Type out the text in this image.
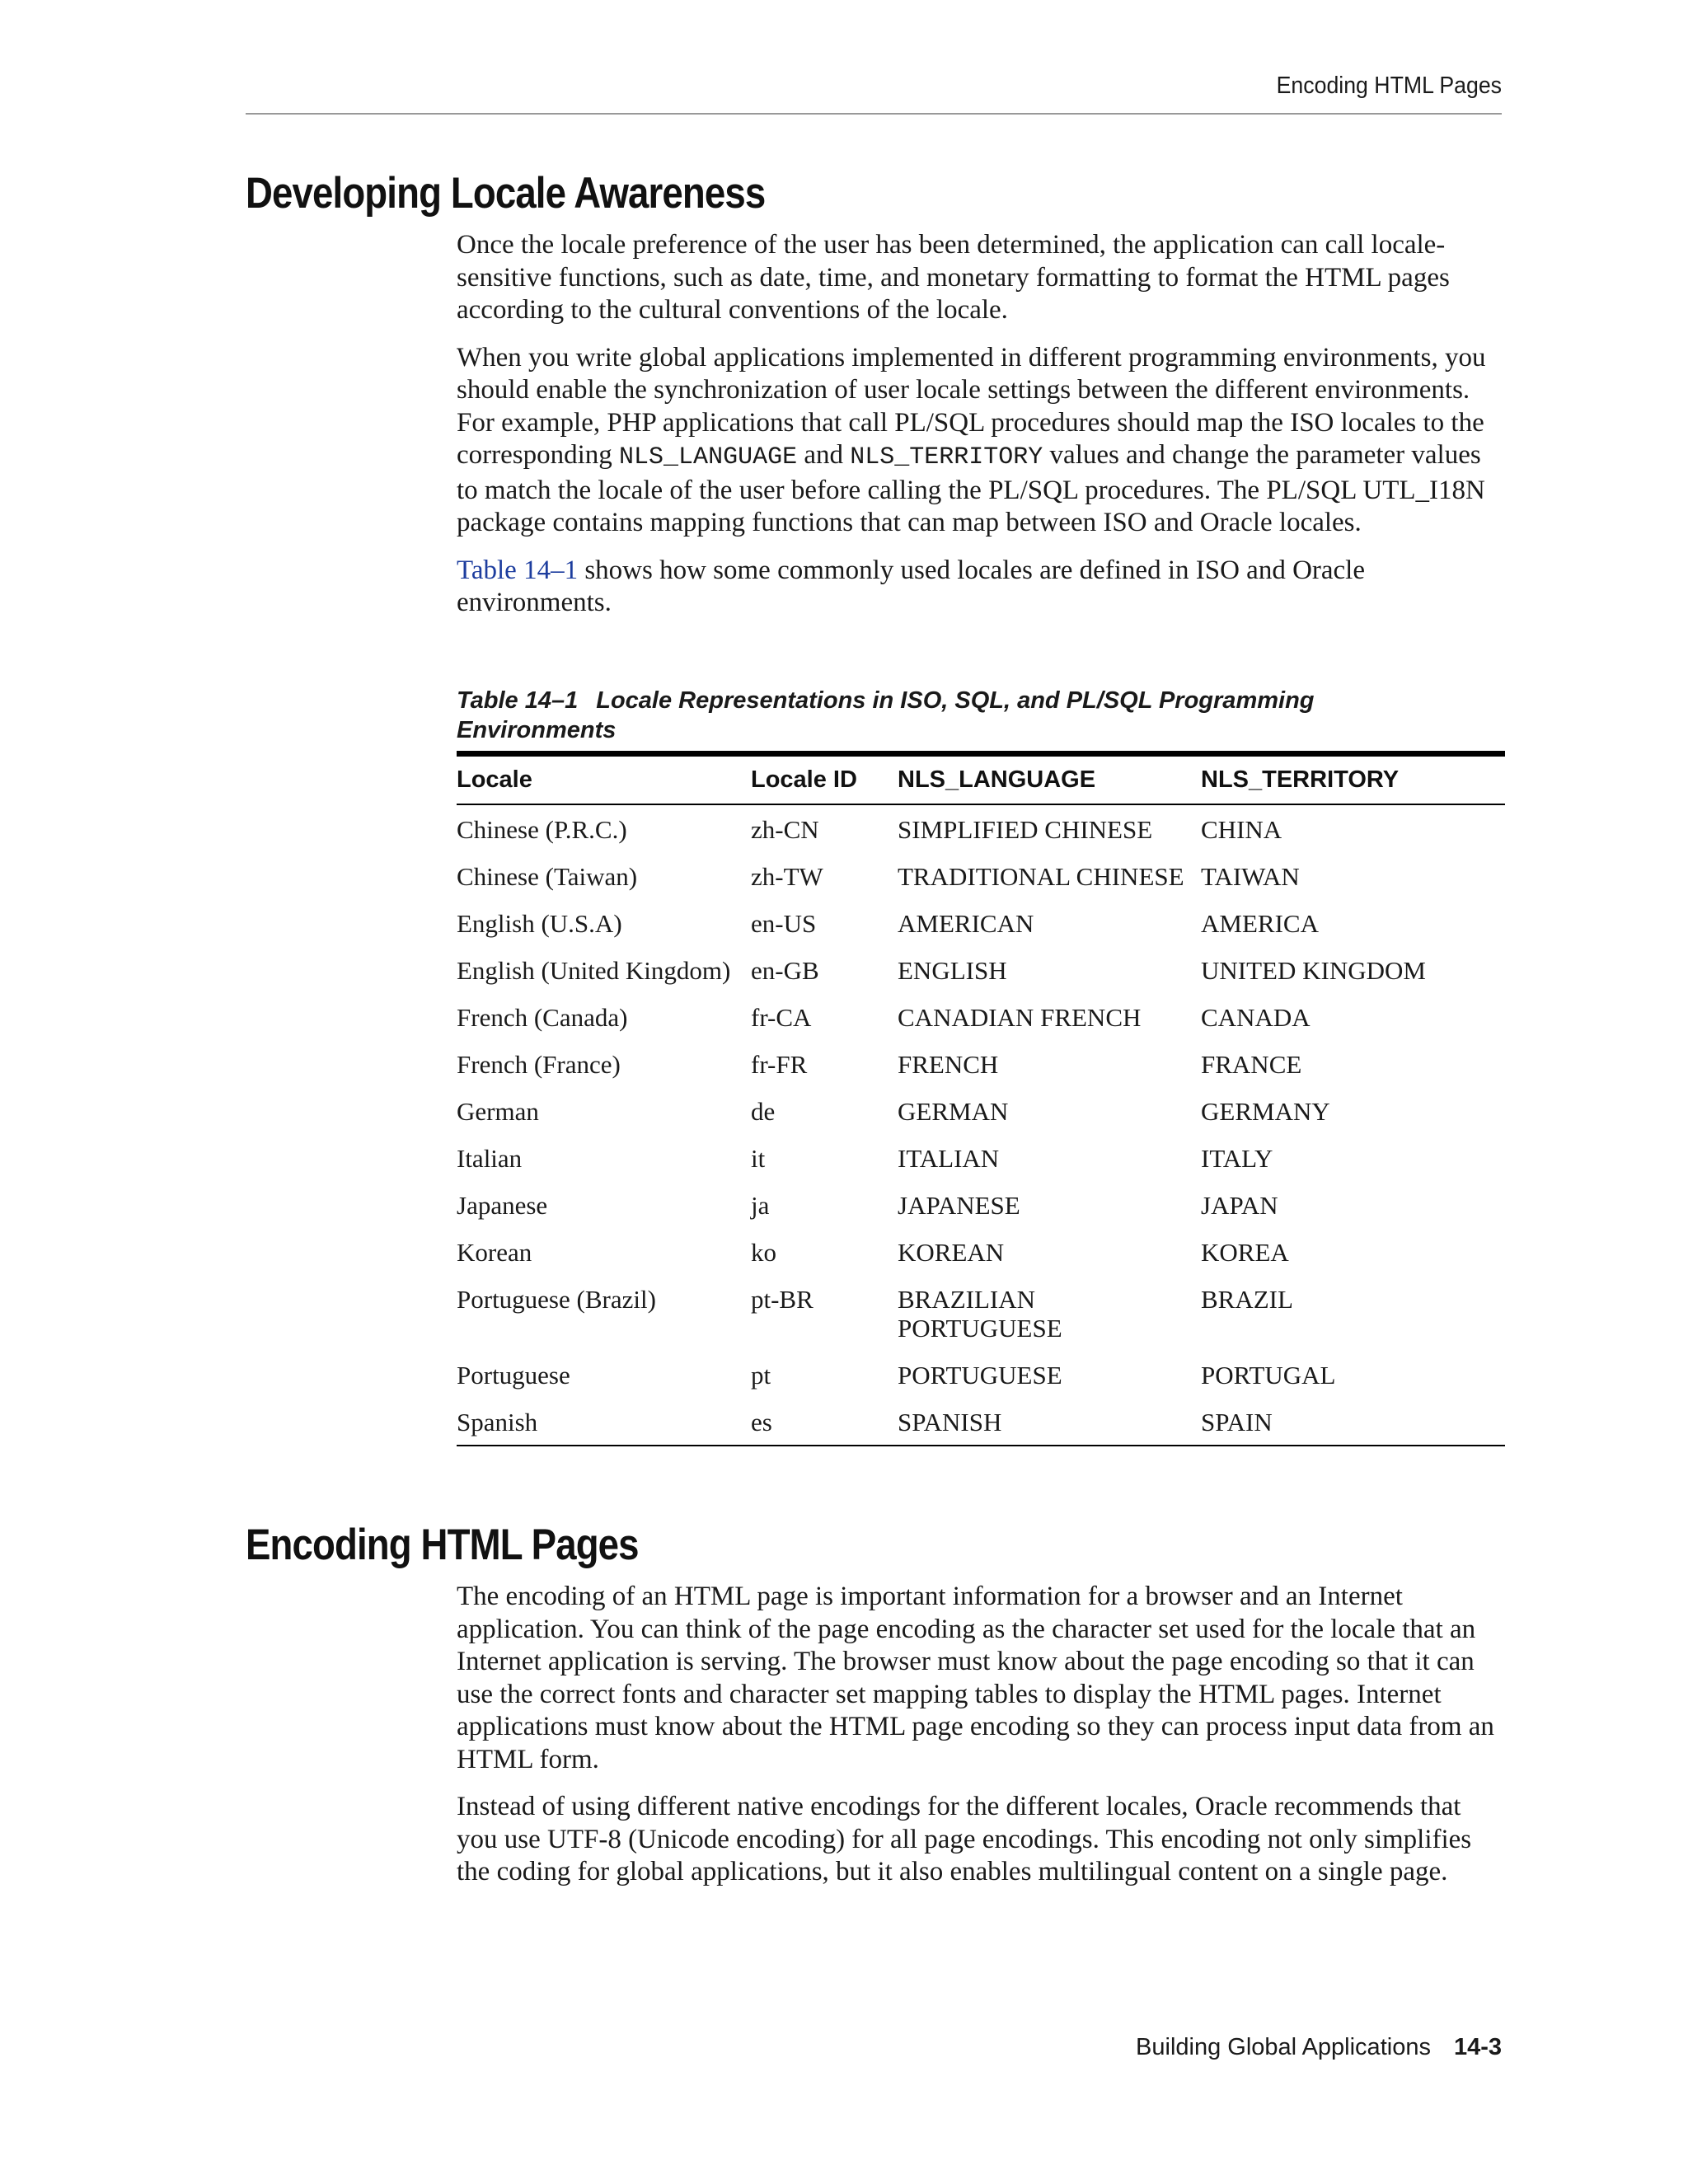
Encoding HTML Pages
Developing Locale Awareness

Once the locale preference of the user has been determined, the application can call locale-sensitive functions, such as date, time, and monetary formatting to format the HTML pages according to the cultural conventions of the locale.

When you write global applications implemented in different programming environments, you should enable the synchronization of user locale settings between the different environments. For example, PHP applications that call PL/SQL procedures should map the ISO locales to the corresponding NLS_LANGUAGE and NLS_TERRITORY values and change the parameter values to match the locale of the user before calling the PL/SQL procedures. The PL/SQL UTL_I18N package contains mapping functions that can map between ISO and Oracle locales.

Table 14–1 shows how some commonly used locales are defined in ISO and Oracle environments.

Table 14–1 Locale Representations in ISO, SQL, and PL/SQL Programming Environments
Locale	Locale ID	NLS_LANGUAGE	NLS_TERRITORY
Chinese (P.R.C.)	zh-CN	SIMPLIFIED CHINESE	CHINA
Chinese (Taiwan)	zh-TW	TRADITIONAL CHINESE	TAIWAN
English (U.S.A)	en-US	AMERICAN	AMERICA
English (United Kingdom)	en-GB	ENGLISH	UNITED KINGDOM
French (Canada)	fr-CA	CANADIAN FRENCH	CANADA
French (France)	fr-FR	FRENCH	FRANCE
German	de	GERMAN	GERMANY
Italian	it	ITALIAN	ITALY
Japanese	ja	JAPANESE	JAPAN
Korean	ko	KOREAN	KOREA
Portuguese (Brazil)	pt-BR	BRAZILIAN PORTUGUESE	BRAZIL
Portuguese	pt	PORTUGUESE	PORTUGAL
Spanish	es	SPANISH	SPAIN
Encoding HTML Pages

The encoding of an HTML page is important information for a browser and an Internet application. You can think of the page encoding as the character set used for the locale that an Internet application is serving. The browser must know about the page encoding so that it can use the correct fonts and character set mapping tables to display the HTML pages. Internet applications must know about the HTML page encoding so they can process input data from an HTML form.

Instead of using different native encodings for the different locales, Oracle recommends that you use UTF-8 (Unicode encoding) for all page encodings. This encoding not only simplifies the coding for global applications, but it also enables multilingual content on a single page.

Building Global Applications 14-3
